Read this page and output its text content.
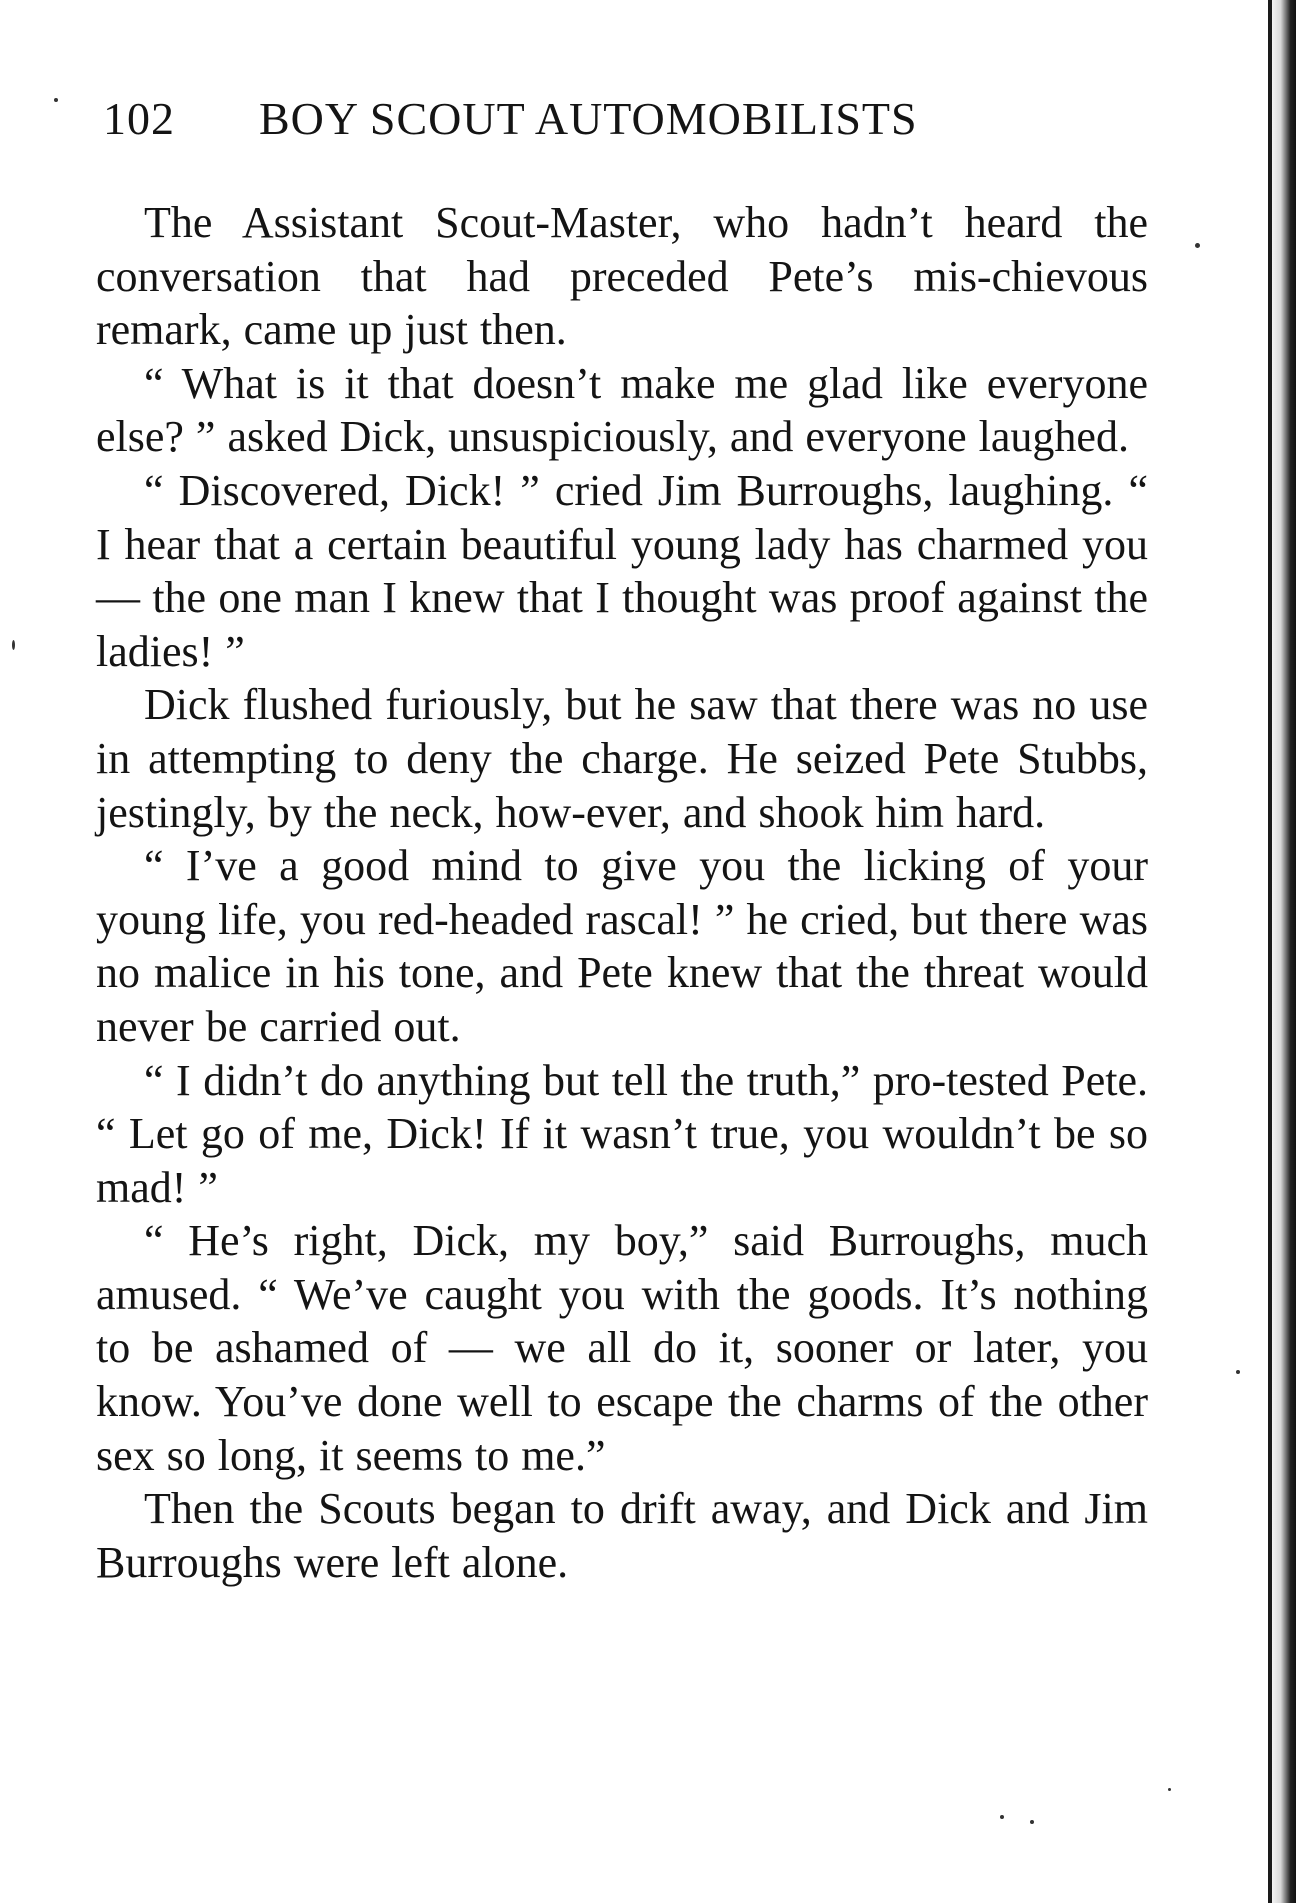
102 BOY SCOUT AUTOMOBILISTS

The Assistant Scout-Master, who hadn’t heard the conversation that had preceded Pete’s mis-chievous remark, came up just then.

“ What is it that doesn’t make me glad like everyone else? ” asked Dick, unsuspiciously, and everyone laughed.

“ Discovered, Dick! ” cried Jim Burroughs, laughing. “ I hear that a certain beautiful young lady has charmed you — the one man I knew that I thought was proof against the ladies! ”

Dick flushed furiously, but he saw that there was no use in attempting to deny the charge. He seized Pete Stubbs, jestingly, by the neck, how-ever, and shook him hard.

“ I’ve a good mind to give you the licking of your young life, you red-headed rascal! ” he cried, but there was no malice in his tone, and Pete knew that the threat would never be carried out.

“ I didn’t do anything but tell the truth,” pro-tested Pete. “ Let go of me, Dick! If it wasn’t true, you wouldn’t be so mad! ”

“ He’s right, Dick, my boy,” said Burroughs, much amused. “ We’ve caught you with the goods. It’s nothing to be ashamed of — we all do it, sooner or later, you know. You’ve done well to escape the charms of the other sex so long, it seems to me.”

Then the Scouts began to drift away, and Dick and Jim Burroughs were left alone.
